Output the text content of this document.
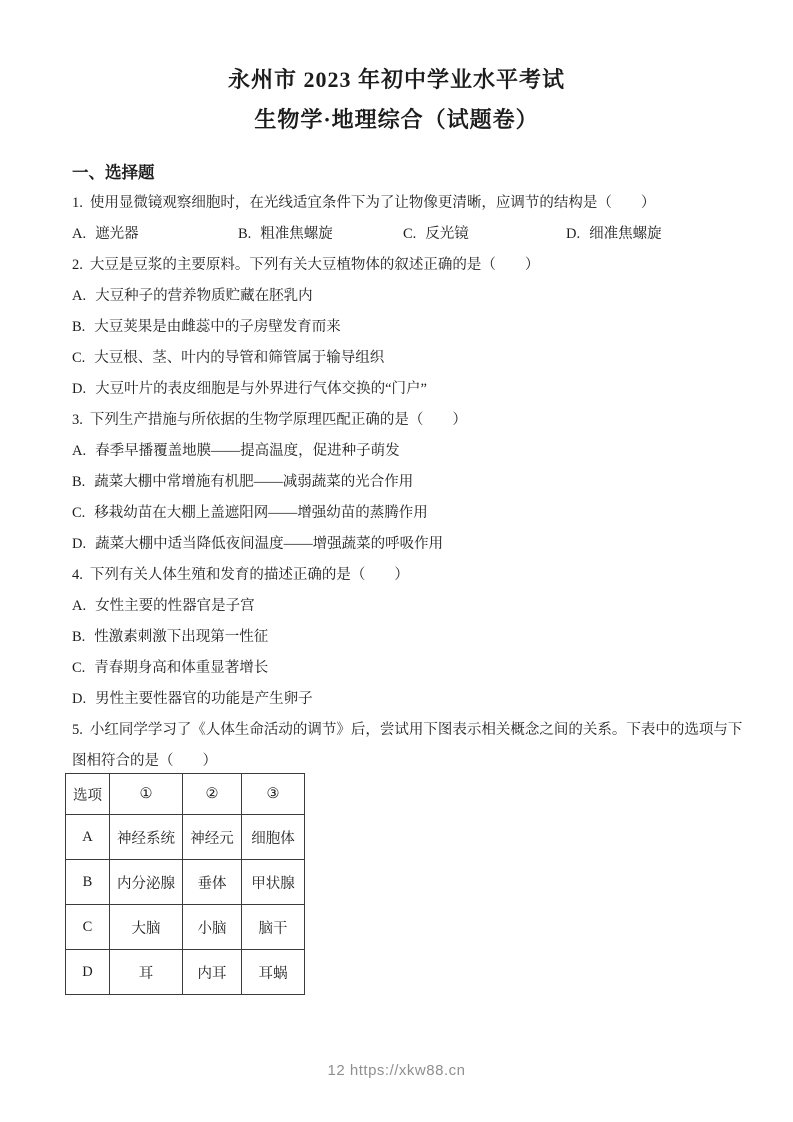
永州市 2023 年初中学业水平考试
生物学·地理综合（试题卷）
一、选择题

1. 使用显微镜观察细胞时，在光线适宜条件下为了让物像更清晰，应调节的结构是（　　）

A. 遮光器	B. 粗准焦螺旋	C. 反光镜	D. 细准焦螺旋

2. 大豆是豆浆的主要原料。下列有关大豆植物体的叙述正确的是（　　）

A. 大豆种子的营养物质贮藏在胚乳内

B. 大豆荚果是由雌蕊中的子房壁发育而来

C. 大豆根、茎、叶内的导管和筛管属于输导组织

D. 大豆叶片的表皮细胞是与外界进行气体交换的“门户”

3. 下列生产措施与所依据的生物学原理匹配正确的是（　　）

A. 春季早播覆盖地膜——提高温度，促进种子萌发

B. 蔬菜大棚中常增施有机肥——减弱蔬菜的光合作用

C. 移栽幼苗在大棚上盖遮阳网——增强幼苗的蒸腾作用

D. 蔬菜大棚中适当降低夜间温度——增强蔬菜的呼吸作用

4. 下列有关人体生殖和发育的描述正确的是（　　）

A. 女性主要的性器官是子宫

B. 性激素刺激下出现第一性征

C. 青春期身高和体重显著增长

D. 男性主要性器官的功能是产生卵子

5. 小红同学学习了《人体生命活动的调节》后，尝试用下图表示相关概念之间的关系。下表中的选项与下图相符合的是（　　）

选项	①	②	③
A	神经系统	神经元	细胞体
B	内分泌腺	垂体	甲状腺
C	大脑	小脑	脑干
D	耳	内耳	耳蜗
12 https://xkw88.cn
